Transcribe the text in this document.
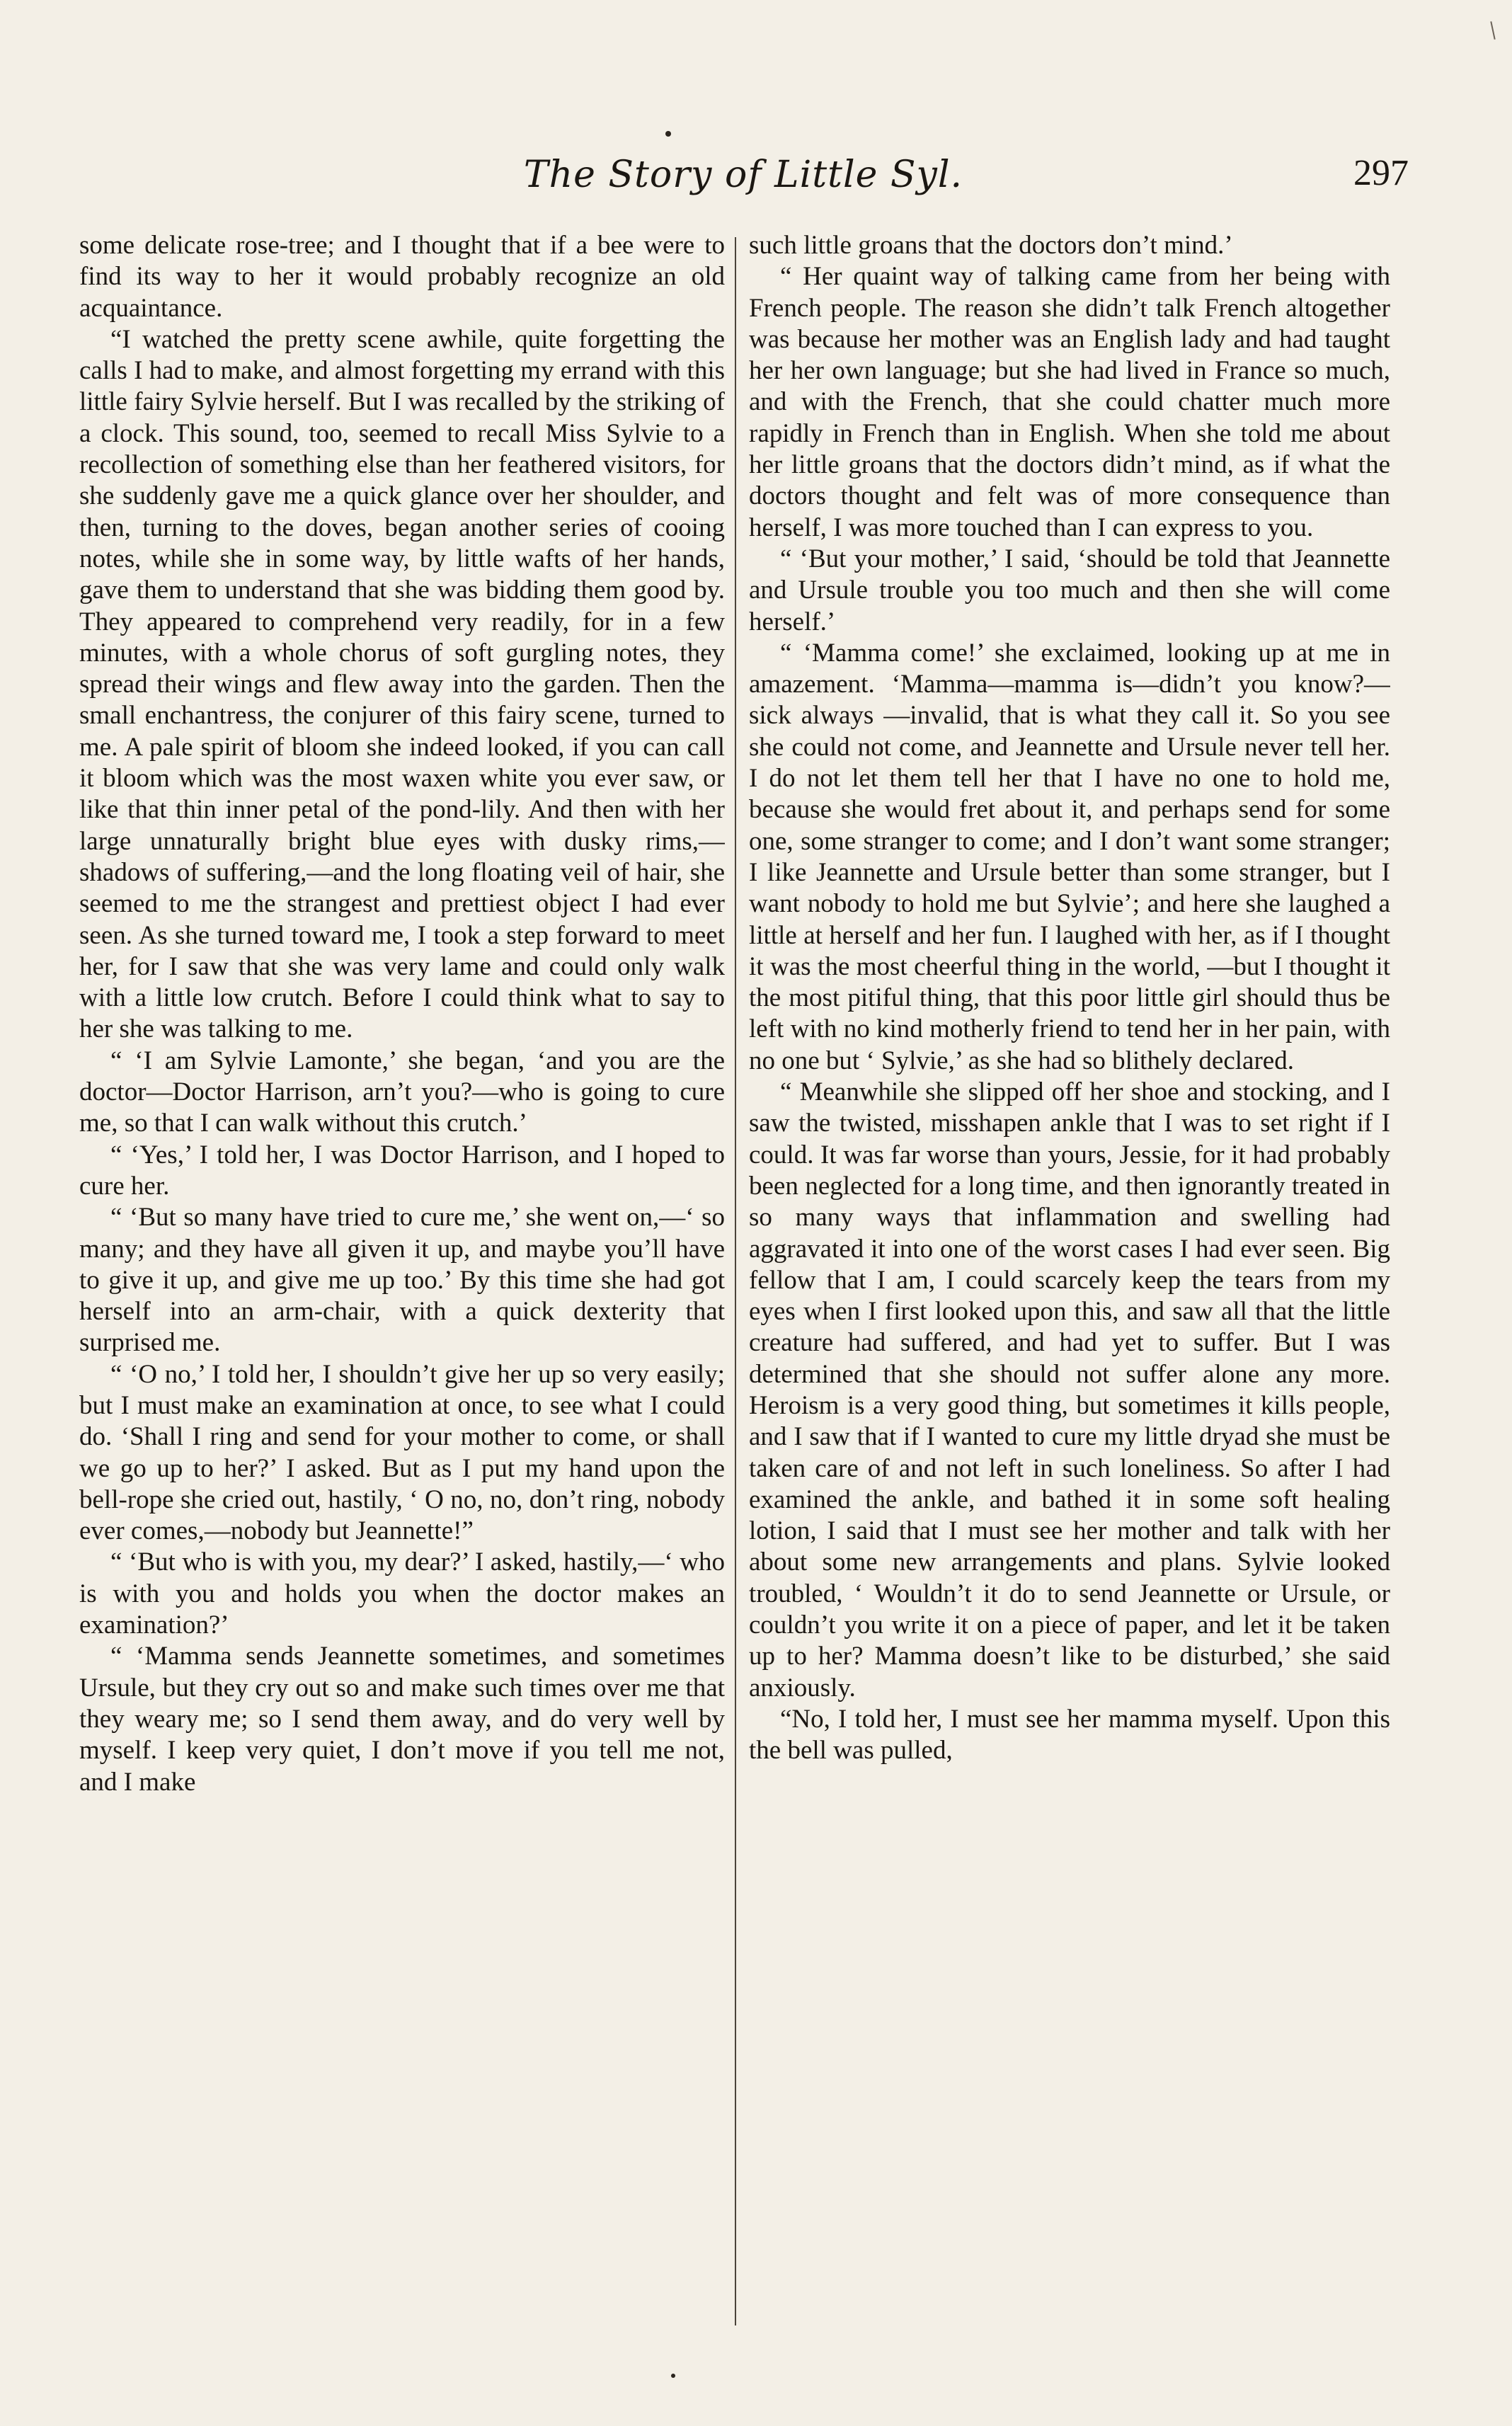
The Story of Little Syl.	297

some delicate rose-tree; and I thought that if a bee were to find its way to her it would probably recognize an old acquaintance.

“I watched the pretty scene awhile, quite forgetting the calls I had to make, and almost forgetting my errand with this little fairy Sylvie herself. But I was recalled by the striking of a clock. This sound, too, seemed to recall Miss Sylvie to a recollection of something else than her feathered visitors, for she suddenly gave me a quick glance over her shoulder, and then, turning to the doves, began another series of cooing notes, while she in some way, by little wafts of her hands, gave them to understand that she was bidding them good by. They appeared to comprehend very readily, for in a few minutes, with a whole chorus of soft gurgling notes, they spread their wings and flew away into the garden. Then the small enchantress, the conjurer of this fairy scene, turned to me. A pale spirit of bloom she indeed looked, if you can call it bloom which was the most waxen white you ever saw, or like that thin inner petal of the pond-lily. And then with her large unnaturally bright blue eyes with dusky rims,—shadows of suffering,—and the long floating veil of hair, she seemed to me the strangest and prettiest object I had ever seen. As she turned toward me, I took a step forward to meet her, for I saw that she was very lame and could only walk with a little low crutch. Before I could think what to say to her she was talking to me.

“ ‘I am Sylvie Lamonte,’ she began, ‘and you are the doctor—Doctor Harrison, arn’t you?—who is going to cure me, so that I can walk without this crutch.’

“ ‘Yes,’ I told her, I was Doctor Harrison, and I hoped to cure her.

“ ‘But so many have tried to cure me,’ she went on,—‘ so many; and they have all given it up, and maybe you’ll have to give it up, and give me up too.’ By this time she had got herself into an arm-chair, with a quick dexterity that surprised me.

“ ‘O no,’ I told her, I shouldn’t give her up so very easily; but I must make an examination at once, to see what I could do. ‘Shall I ring and send for your mother to come, or shall we go up to her?’ I asked. But as I put my hand upon the bell-rope she cried out, hastily, ‘ O no, no, don’t ring, nobody ever comes,—nobody but Jeannette!”

“ ‘But who is with you, my dear?’ I asked, hastily,—‘ who is with you and holds you when the doctor makes an examination?’

“ ‘Mamma sends Jeannette sometimes, and sometimes Ursule, but they cry out so and make such times over me that they weary me; so I send them away, and do very well by myself. I keep very quiet, I don’t move if you tell me not, and I make

such little groans that the doctors don’t mind.’

“ Her quaint way of talking came from her being with French people. The reason she didn’t talk French altogether was because her mother was an English lady and had taught her her own language; but she had lived in France so much, and with the French, that she could chatter much more rapidly in French than in English. When she told me about her little groans that the doctors didn’t mind, as if what the doctors thought and felt was of more consequence than herself, I was more touched than I can express to you.

“ ‘But your mother,’ I said, ‘should be told that Jeannette and Ursule trouble you too much and then she will come herself.’

“ ‘Mamma come!’ she exclaimed, looking up at me in amazement. ‘Mamma—mamma is—didn’t you know?—sick always —invalid, that is what they call it. So you see she could not come, and Jeannette and Ursule never tell her. I do not let them tell her that I have no one to hold me, because she would fret about it, and perhaps send for some one, some stranger to come; and I don’t want some stranger; I like Jeannette and Ursule better than some stranger, but I want nobody to hold me but Sylvie’; and here she laughed a little at herself and her fun. I laughed with her, as if I thought it was the most cheerful thing in the world, —but I thought it the most pitiful thing, that this poor little girl should thus be left with no kind motherly friend to tend her in her pain, with no one but ‘ Sylvie,’ as she had so blithely declared.

“ Meanwhile she slipped off her shoe and stocking, and I saw the twisted, misshapen ankle that I was to set right if I could. It was far worse than yours, Jessie, for it had probably been neglected for a long time, and then ignorantly treated in so many ways that inflammation and swelling had aggravated it into one of the worst cases I had ever seen. Big fellow that I am, I could scarcely keep the tears from my eyes when I first looked upon this, and saw all that the little creature had suffered, and had yet to suffer. But I was determined that she should not suffer alone any more. Heroism is a very good thing, but sometimes it kills people, and I saw that if I wanted to cure my little dryad she must be taken care of and not left in such loneliness. So after I had examined the ankle, and bathed it in some soft healing lotion, I said that I must see her mother and talk with her about some new arrangements and plans. Sylvie looked troubled, ‘ Wouldn’t it do to send Jeannette or Ursule, or couldn’t you write it on a piece of paper, and let it be taken up to her? Mamma doesn’t like to be disturbed,’ she said anxiously.

“No, I told her, I must see her mamma myself. Upon this the bell was pulled,
